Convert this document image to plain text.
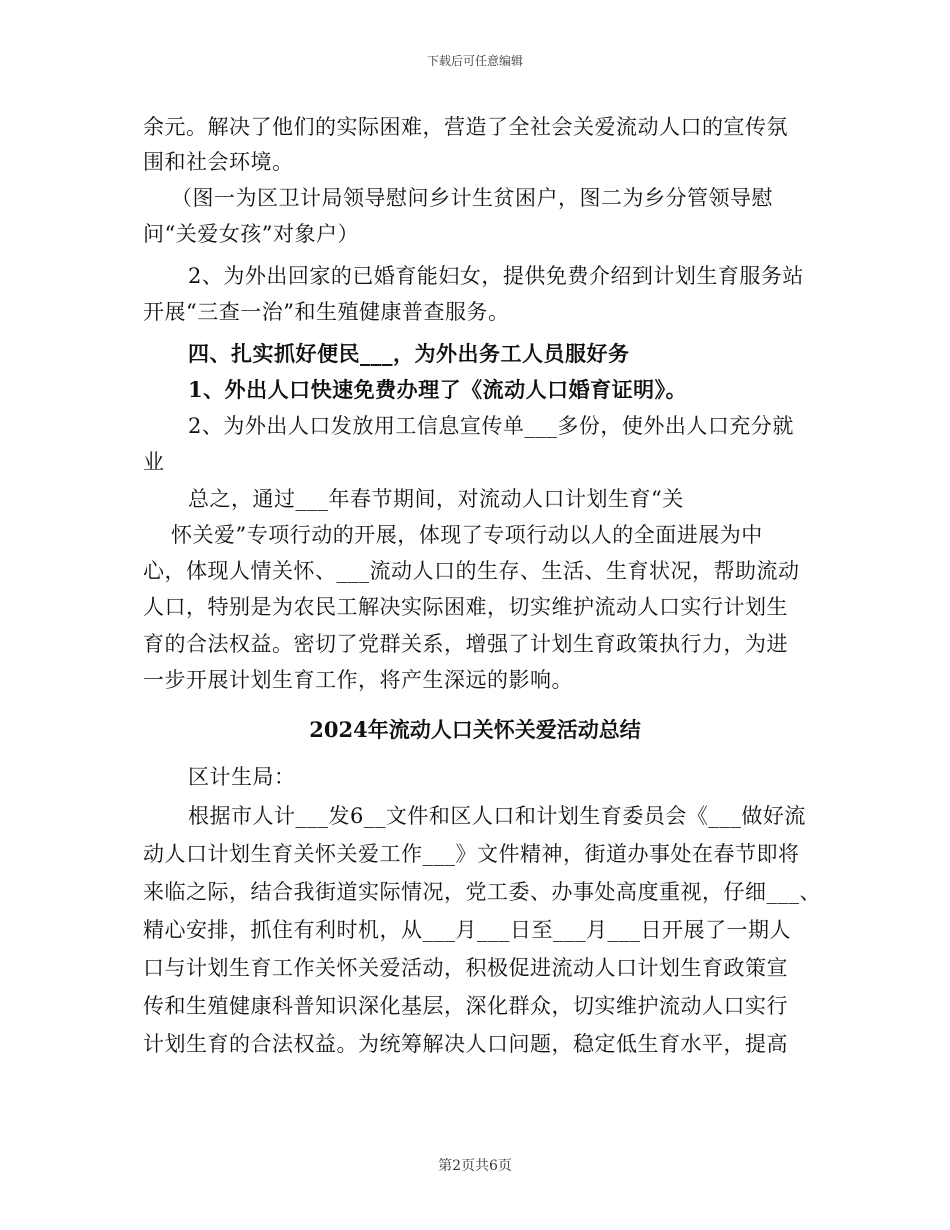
下载后可任意编辑
余元。解决了他们的实际困难，营造了全社会关爱流动人口的宣传氛
围和社会环境。
（图一为区卫计局领导慰问乡计生贫困户，图二为乡分管领导慰
问“关爱女孩”对象户）
2、为外出回家的已婚育能妇女，提供免费介绍到计划生育服务站
开展“三查一治”和生殖健康普查服务。
四、扎实抓好便民___，为外出务工人员服好务
1、外出人口快速免费办理了《流动人口婚育证明》。
2、为外出人口发放用工信息宣传单___多份，使外出人口充分就
业
总之，通过___年春节期间，对流动人口计划生育“关
怀关爱”专项行动的开展，体现了专项行动以人的全面进展为中
心，体现人情关怀、___流动人口的生存、生活、生育状况，帮助流动
人口，特别是为农民工解决实际困难，切实维护流动人口实行计划生
育的合法权益。密切了党群关系，增强了计划生育政策执行力，为进
一步开展计划生育工作，将产生深远的影响。
2024年流动人口关怀关爱活动总结
区计生局：
根据市人计___发6__文件和区人口和计划生育委员会《___做好流
动人口计划生育关怀关爱工作___》文件精神，街道办事处在春节即将
来临之际，结合我街道实际情况，党工委、办事处高度重视，仔细___、
精心安排，抓住有利时机，从___月___日至___月___日开展了一期人
口与计划生育工作关怀关爱活动，积极促进流动人口计划生育政策宣
传和生殖健康科普知识深化基层，深化群众，切实维护流动人口实行
计划生育的合法权益。为统筹解决人口问题，稳定低生育水平，提高
第2页共6页
